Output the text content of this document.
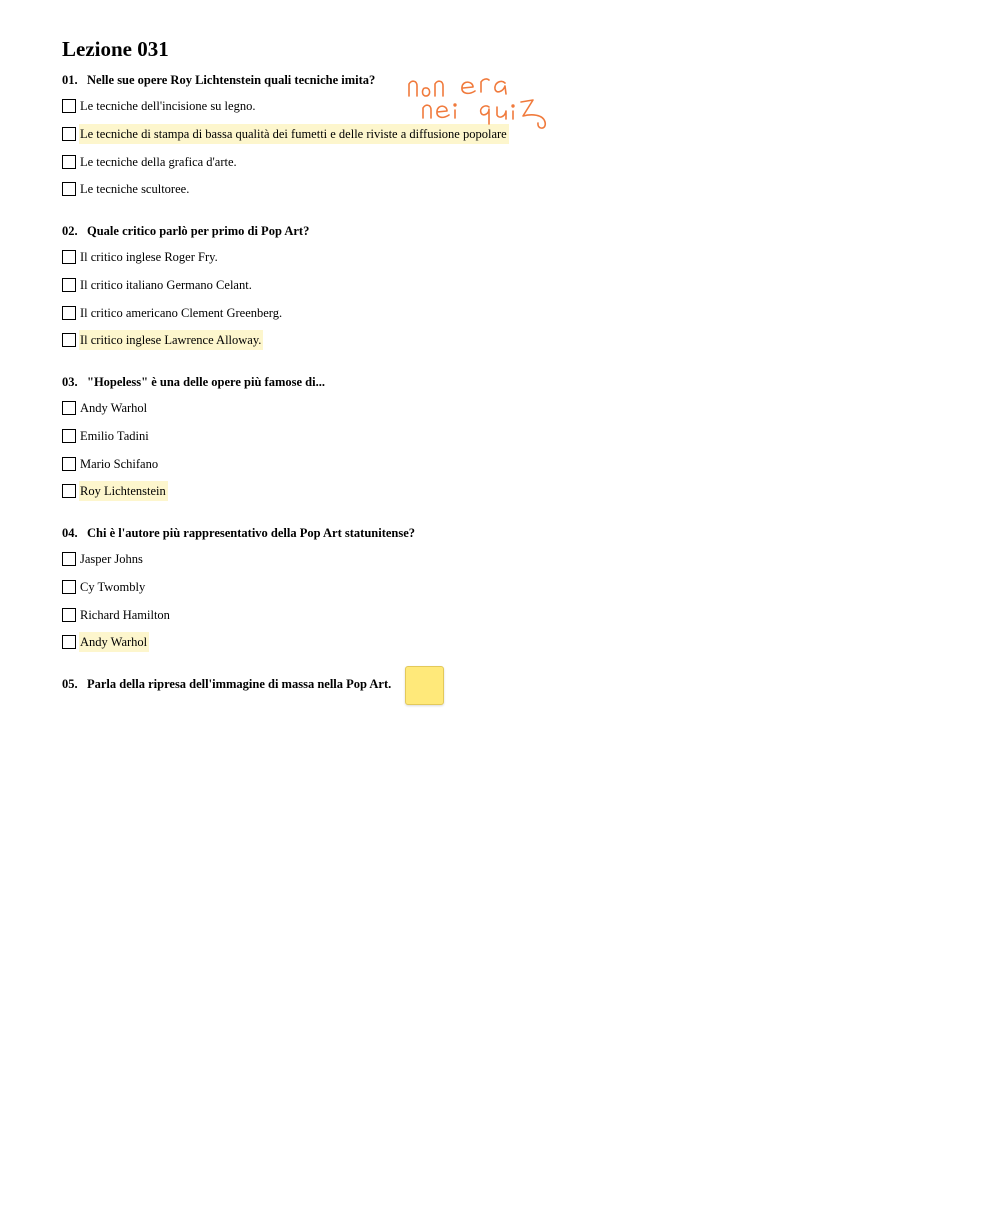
Lezione 031
01. Nelle sue opere Roy Lichtenstein quali tecniche imita?
Le tecniche dell'incisione su legno.
Le tecniche di stampa di bassa qualità dei fumetti e delle riviste a diffusione popolare
Le tecniche della grafica d'arte.
Le tecniche scultoree.
02. Quale critico parlò per primo di Pop Art?
Il critico inglese Roger Fry.
Il critico italiano Germano Celant.
Il critico americano Clement Greenberg.
Il critico inglese Lawrence Alloway.
03. "Hopeless" è una delle opere più famose di...
Andy Warhol
Emilio Tadini
Mario Schifano
Roy Lichtenstein
04. Chi è l'autore più rappresentativo della Pop Art statunitense?
Jasper Johns
Cy Twombly
Richard Hamilton
Andy Warhol
05. Parla della ripresa dell'immagine di massa nella Pop Art.
